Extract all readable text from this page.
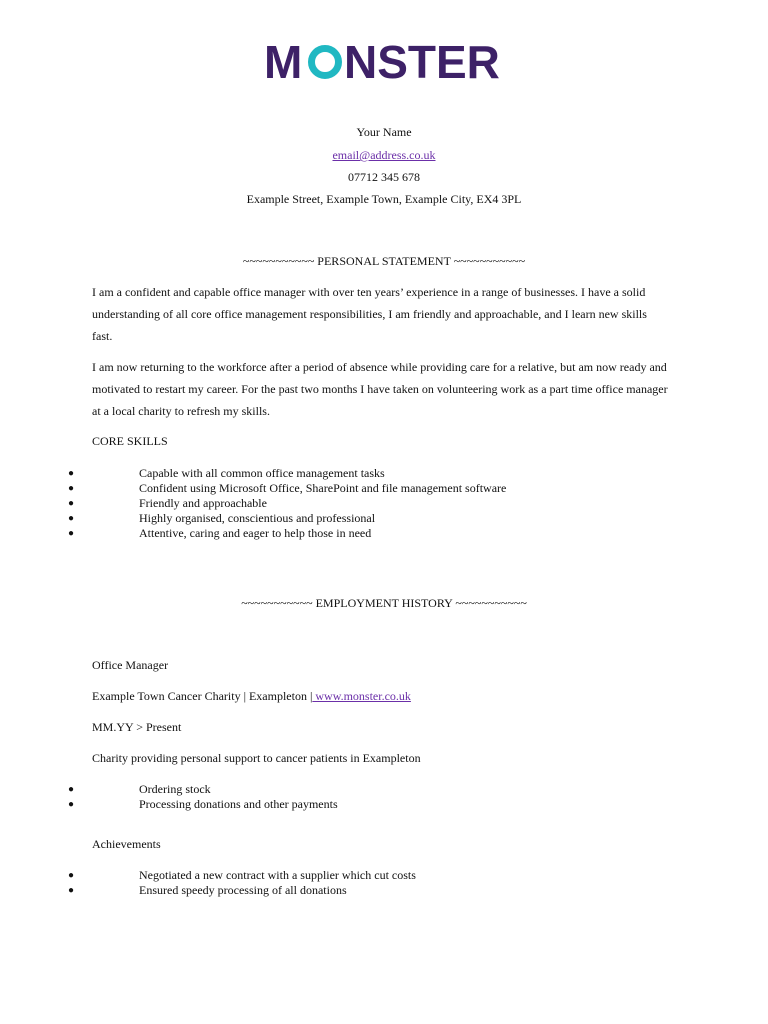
M NSTER
Your Name
email@address.co.uk
07712 345 678
Example Street, Example Town, Example City, EX4 3PL
~~~~~~~~~~~ PERSONAL STATEMENT ~~~~~~~~~~~
I am a confident and capable office manager with over ten years’ experience in a range of businesses. I have a solid understanding of all core office management responsibilities, I am friendly and approachable, and I learn new skills fast.
I am now returning to the workforce after a period of absence while providing care for a relative, but am now ready and motivated to restart my career. For the past two months I have taken on volunteering work as a part time office manager at a local charity to refresh my skills.
CORE SKILLS
●	Capable with all common office management tasks
●	Confident using Microsoft Office, SharePoint and file management software
●	Friendly and approachable
●	Highly organised, conscientious and professional
●	Attentive, caring and eager to help those in need
~~~~~~~~~~~ EMPLOYMENT HISTORY ~~~~~~~~~~~
Office Manager
Example Town Cancer Charity | Exampleton | www.monster.co.uk
MM.YY > Present
Charity providing personal support to cancer patients in Exampleton
●	Ordering stock
●	Processing donations and other payments
Achievements
●	Negotiated a new contract with a supplier which cut costs
●	Ensured speedy processing of all donations
